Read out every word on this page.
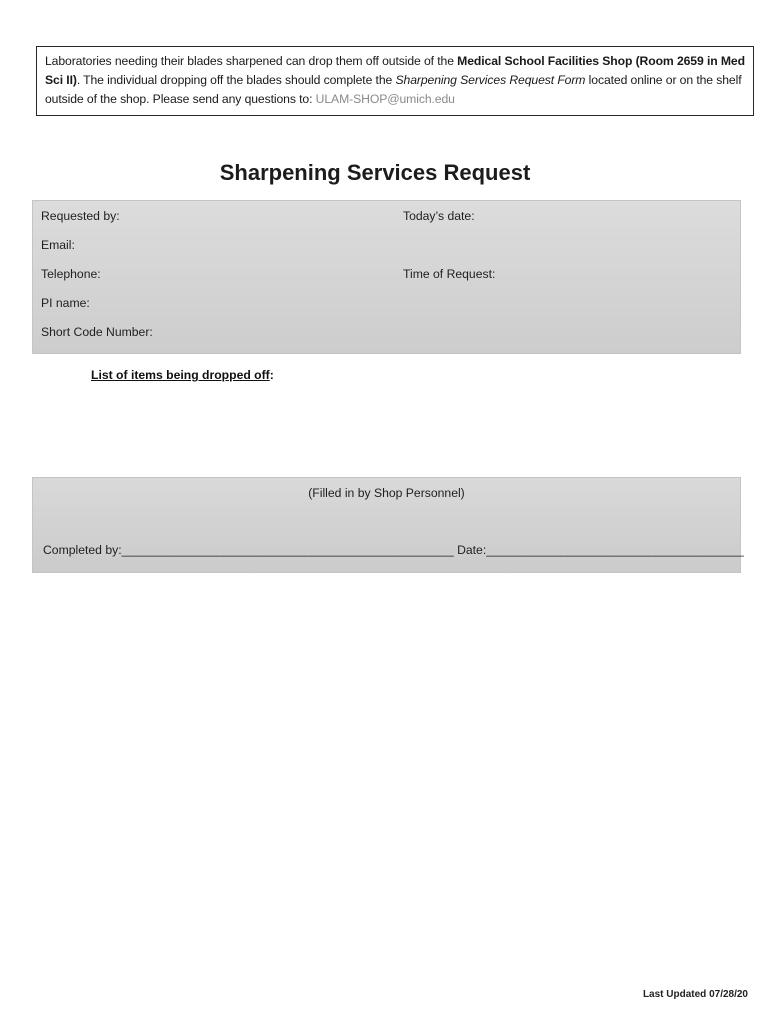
Laboratories needing their blades sharpened can drop them off outside of the Medical School Facilities Shop (Room 2659 in Med Sci II). The individual dropping off the blades should complete the Sharpening Services Request Form located online or on the shelf outside of the shop. Please send any questions to: ULAM-SHOP@umich.edu
Sharpening Services Request
Requested by:	Today’s date:
Email:
Telephone:	Time of Request:
PI name:
Short Code Number:
List of items being dropped off:
(Filled in by Shop Personnel)
Completed by:_________________________________________________ Date:______________________________________
Last Updated 07/28/20
